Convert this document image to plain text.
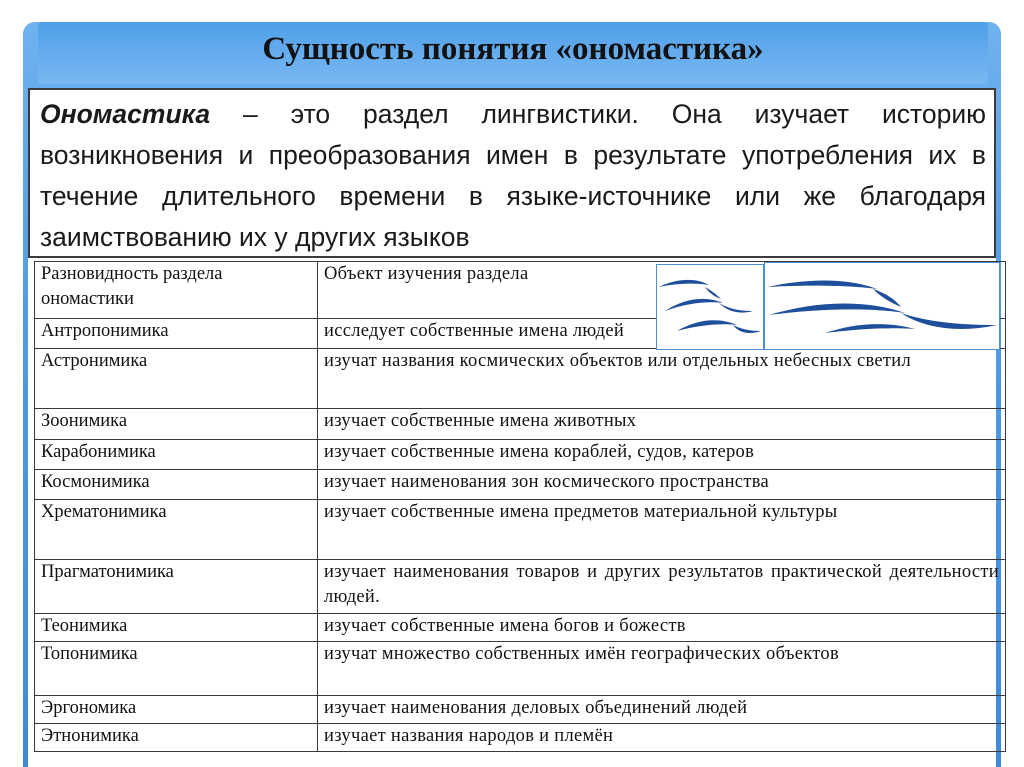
Сущность понятия «ономастика»
Ономастика – это раздел лингвистики. Она изучает историю возникновения и преобразования имен в результате употребления их в течение длительного времени в языке-источнике или же благодаря заимствованию их у других языков
Разновидность раздела ономастики	Объект изучения раздела
Антропонимика	исследует собственные имена людей
Астронимика	изучат названия космических объектов или отдельных небесных светил
Зоонимика	изучает собственные имена животных
Карабонимика	изучает собственные имена кораблей, судов, катеров
Космонимика	изучает наименования зон космического пространства
Хрематонимика	изучает собственные имена предметов материальной культуры
Прагматонимика	изучает наименования товаров и других результатов практической деятельности людей.
Теонимика	изучает собственные имена богов и божеств
Топонимика	изучат множество собственных имён географических объектов
Эргономика	изучает наименования деловых объединений людей
Этнонимика	изучает названия народов и племён
